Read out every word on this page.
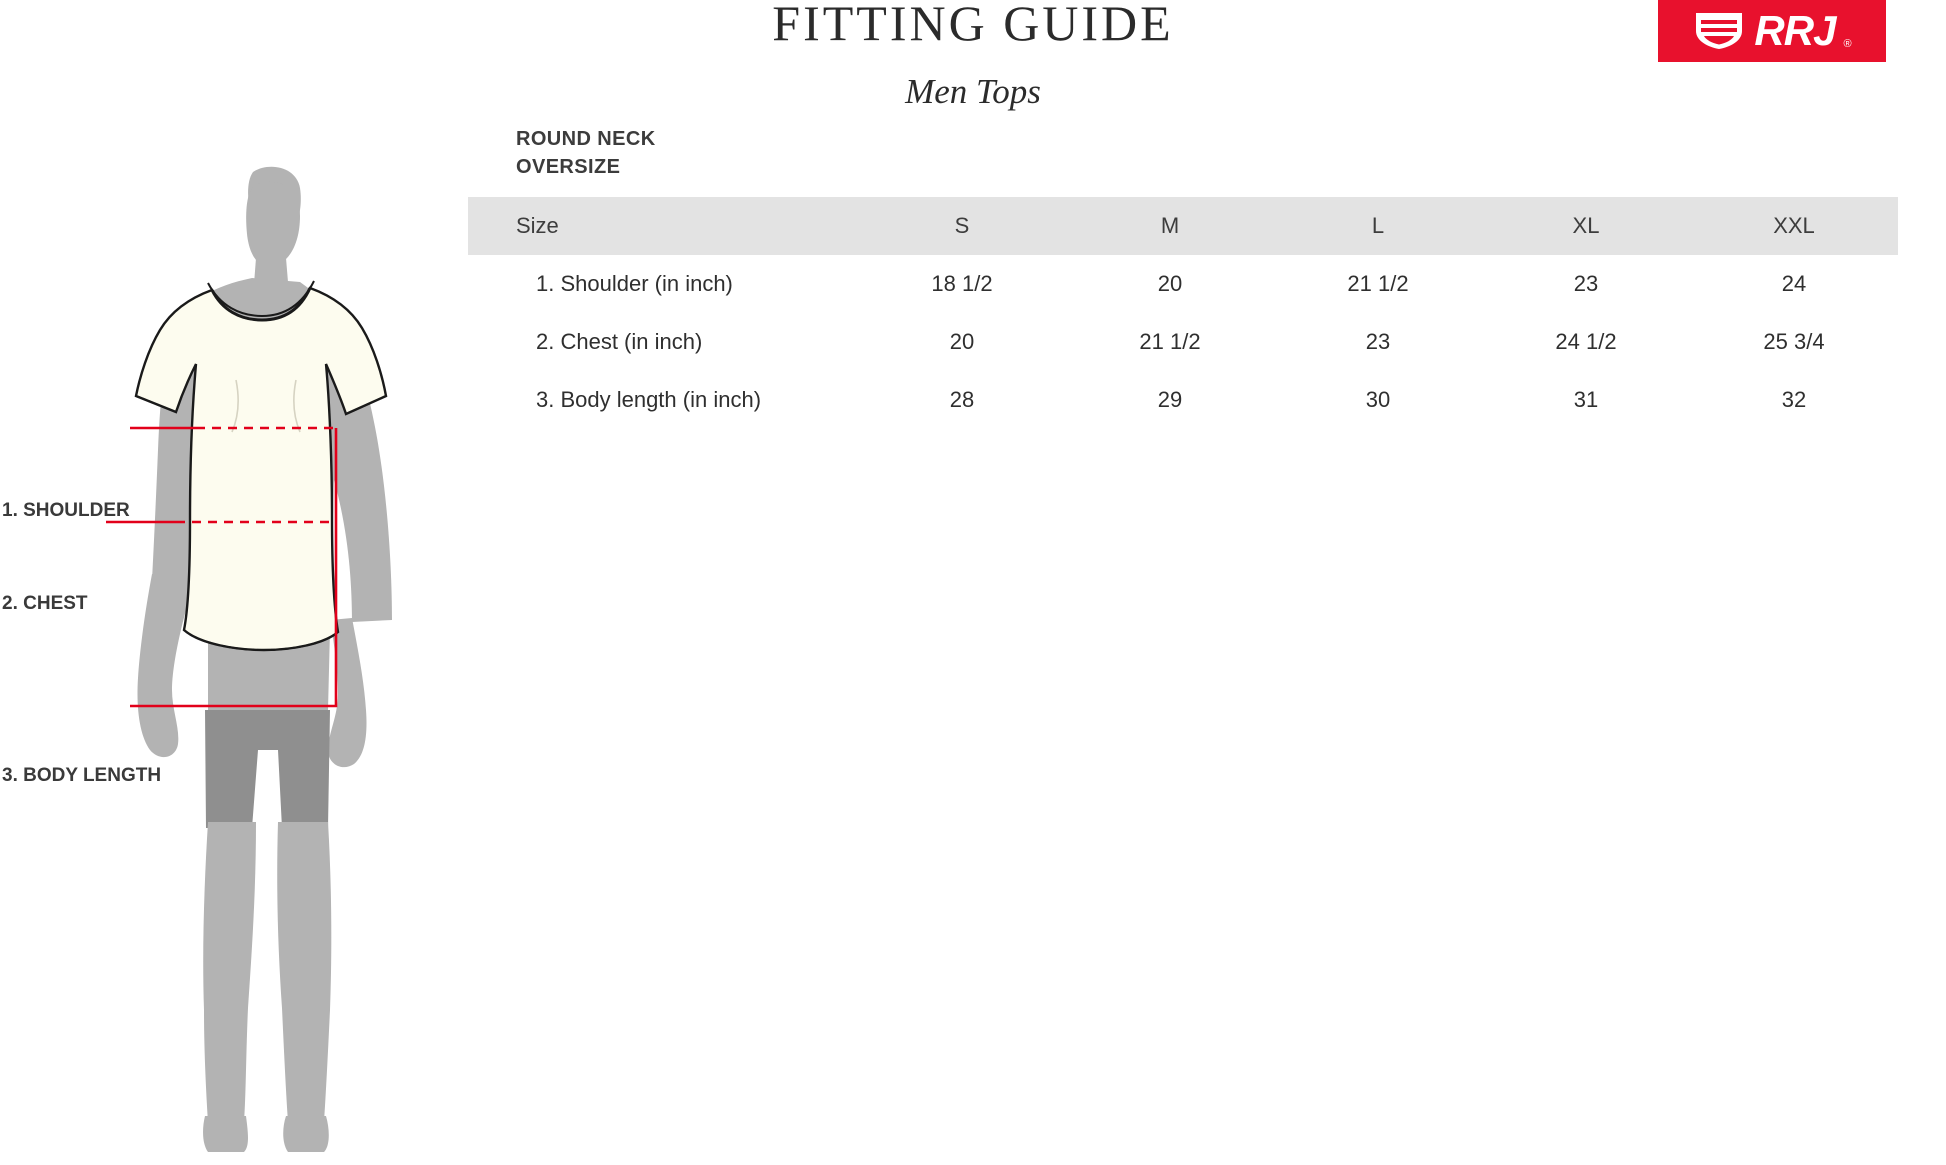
FITTING GUIDE
Men Tops
RRJ ®
1. SHOULDER
2. CHEST
3. BODY LENGTH
ROUND NECK
OVERSIZE
Size	S	M	L	XL	XXL
1. Shoulder (in inch)	18 1/2	20	21 1/2	23	24
2. Chest (in inch)	20	21 1/2	23	24 1/2	25 3/4
3. Body length (in inch)	28	29	30	31	32
